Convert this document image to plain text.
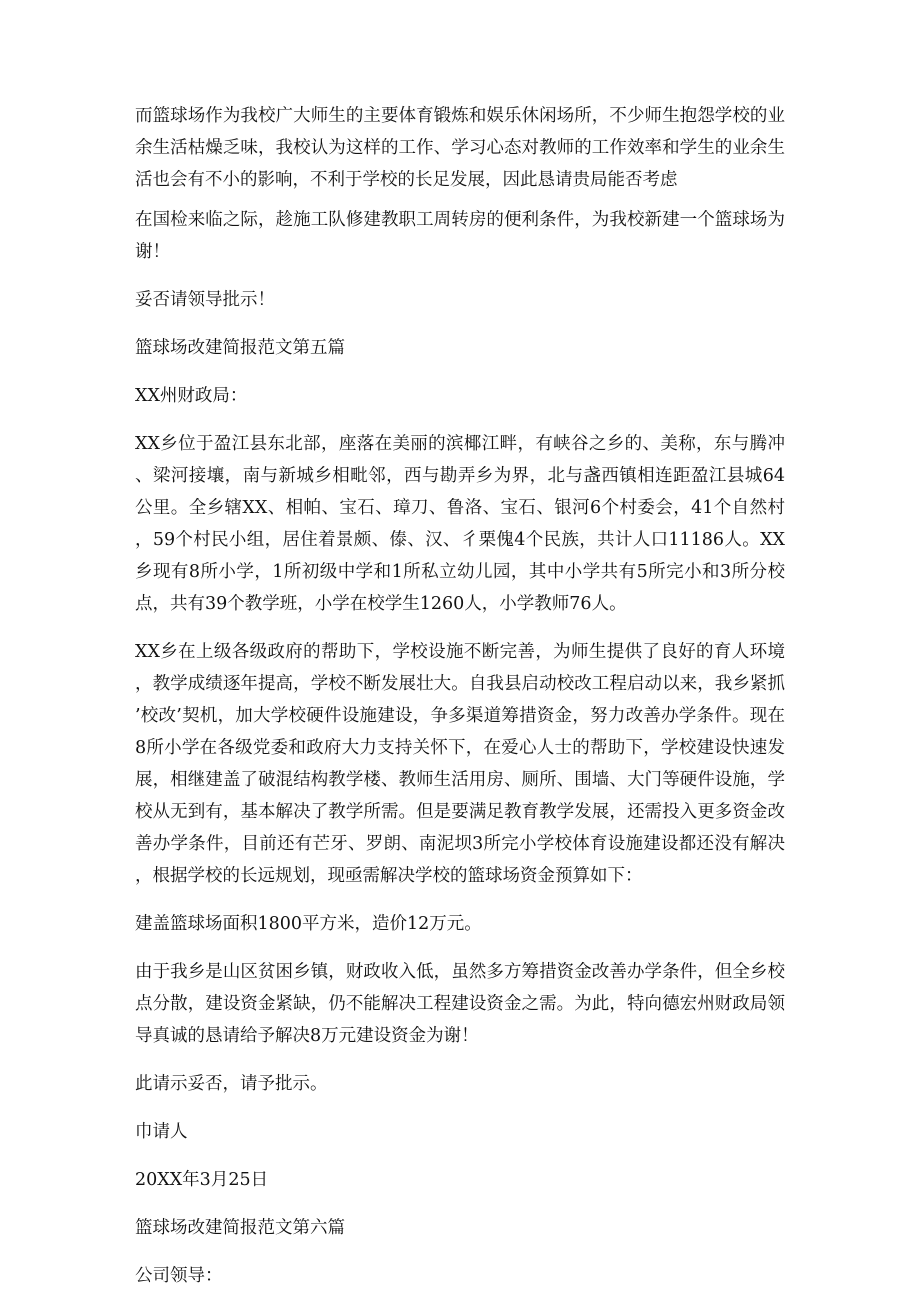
而篮球场作为我校广大师生的主要体育锻炼和娱乐休闲场所，不少师生抱怨学校的业余生活枯燥乏味，我校认为这样的工作、学习心态对教师的工作效率和学生的业余生活也会有不小的影响，不利于学校的长足发展，因此恳请贵局能否考虑

在国检来临之际，趁施工队修建教职工周转房的便利条件，为我校新建一个篮球场为谢！

妥否请领导批示！

篮球场改建简报范文第五篇

XX州财政局：

XX乡位于盈江县东北部，座落在美丽的滨椰江畔，有峡谷之乡的、美称，东与腾冲、梁河接壤，南与新城乡相毗邻，西与勘弄乡为界，北与盏西镇相连距盈江县城64公里。全乡辖XX、相帕、宝石、璋刀、鲁洛、宝石、银河6个村委会，41个自然村，59个村民小组，居住着景颇、傣、汉、彳栗傀4个民族，共计人口11186人。XX乡现有8所小学，1所初级中学和1所私立幼儿园，其中小学共有5所完小和3所分校点，共有39个教学班，小学在校学生1260人，小学教师76人。

XX乡在上级各级政府的帮助下，学校设施不断完善，为师生提供了良好的育人环境，教学成绩逐年提高，学校不断发展壮大。自我县启动校改工程启动以来，我乡紧抓’校改’契机，加大学校硬件设施建设，争多渠道筹措资金，努力改善办学条件。现在8所小学在各级党委和政府大力支持关怀下，在爱心人士的帮助下，学校建设快速发展，相继建盖了破混结构教学楼、教师生活用房、厕所、围墙、大门等硬件设施，学校从无到有，基本解决了教学所需。但是要满足教育教学发展，还需投入更多资金改善办学条件，目前还有芒牙、罗朗、南泥坝3所完小学校体育设施建设都还没有解决，根据学校的长远规划，现亟需解决学校的篮球场资金预算如下：

建盖篮球场面积1800平方米，造价12万元。

由于我乡是山区贫困乡镇，财政收入低，虽然多方筹措资金改善办学条件，但全乡校点分散，建设资金紧缺，仍不能解决工程建设资金之需。为此，特向德宏州财政局领导真诚的恳请给予解决8万元建设资金为谢！

此请示妥否，请予批示。

巾请人

20XX年3月25日

篮球场改建简报范文第六篇

公司领导：
